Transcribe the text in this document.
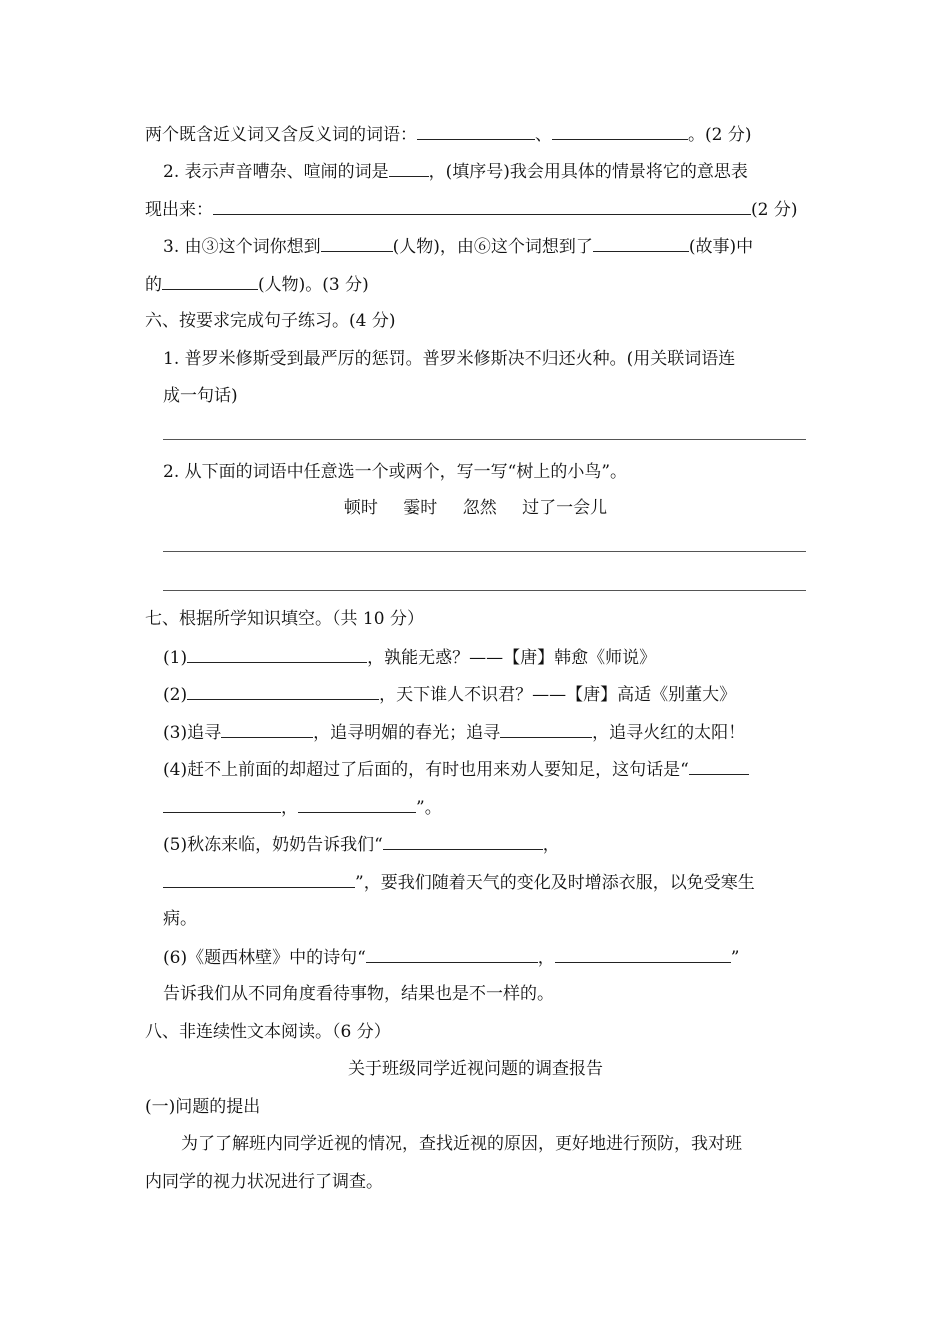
两个既含近义词又含反义词的词语：	、	。(2 分)
2. 表示声音嘈杂、喧闹的词是 ，(填序号)我会用具体的情景将它的意思表
现出来：	(2 分)
3. 由③这个词你想到	(人物)，由⑥这个词想到了	(故事)中
的	(人物)。(3 分)
六、按要求完成句子练习。(4 分)
1. 普罗米修斯受到最严厉的惩罚。普罗米修斯决不归还火种。(用关联词语连
成一句话)
2. 从下面的词语中任意选一个或两个，写一写“树上的小鸟”。
顿时 霎时 忽然 过了一会儿
七、根据所学知识填空。（共 10 分）
(1)	，孰能无惑？——【唐】韩愈《师说》
(2)	，天下谁人不识君？——【唐】高适《别董大》
(3)追寻	，追寻明媚的春光；追寻	，追寻火红的太阳！
(4)赶不上前面的却超过了后面的，有时也用来劝人要知足，这句话是“
，	”。
(5)秋冻来临，奶奶告诉我们“	，
”，要我们随着天气的变化及时增添衣服，以免受寒生
病。
(6)《题西林壁》中的诗句“	，	”
告诉我们从不同角度看待事物，结果也是不一样的。
八、非连续性文本阅读。（6 分）
关于班级同学近视问题的调查报告
(一)问题的提出
为了了解班内同学近视的情况，查找近视的原因，更好地进行预防，我对班
内同学的视力状况进行了调查。
